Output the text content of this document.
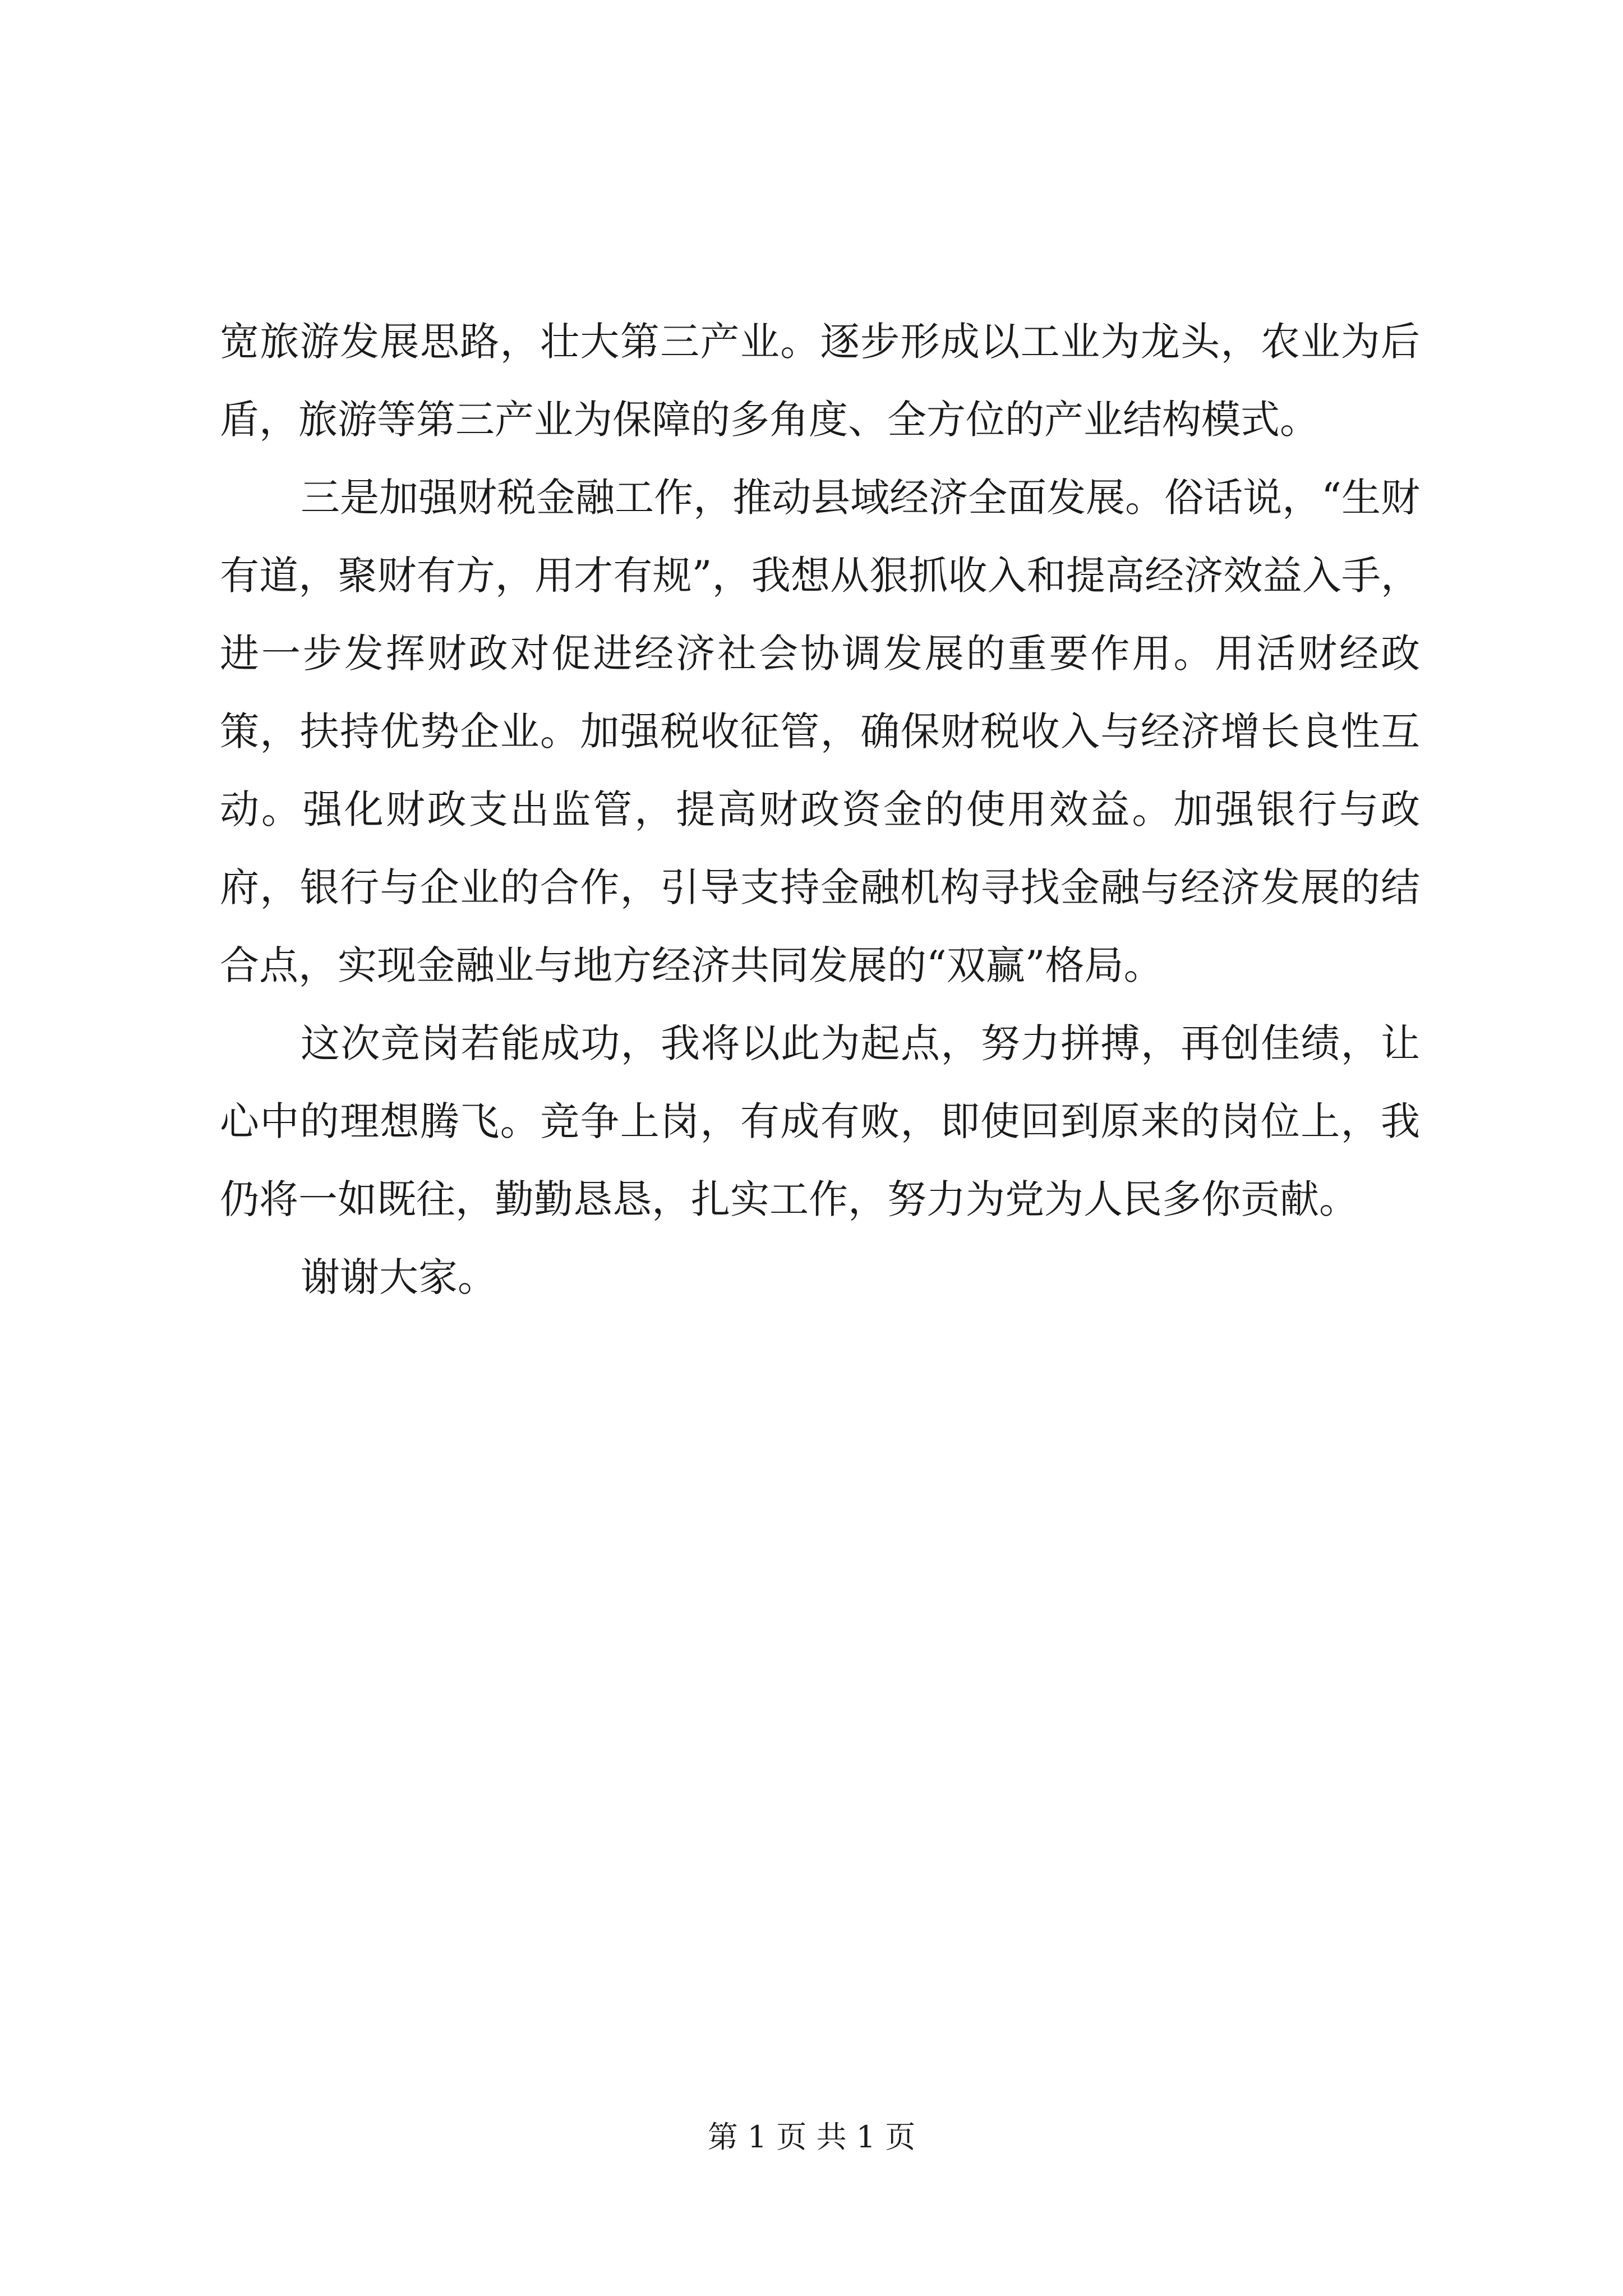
宽旅游发展思路，壮大第三产业。逐步形成以工业为龙头，农业为后盾，旅游等第三产业为保障的多角度、全方位的产业结构模式。

三是加强财税金融工作，推动县域经济全面发展。俗话说，“生财有道，聚财有方，用才有规”，我想从狠抓收入和提高经济效益入手，进一步发挥财政对促进经济社会协调发展的重要作用。用活财经政策，扶持优势企业。加强税收征管，确保财税收入与经济增长良性互动。强化财政支出监管，提高财政资金的使用效益。加强银行与政府，银行与企业的合作，引导支持金融机构寻找金融与经济发展的结合点，实现金融业与地方经济共同发展的“双赢”格局。

这次竞岗若能成功，我将以此为起点，努力拼搏，再创佳绩，让心中的理想腾飞。竞争上岗，有成有败，即使回到原来的岗位上，我仍将一如既往，勤勤恳恳，扎实工作，努力为党为人民多你贡献。

谢谢大家。

第 1 页 共 1 页
